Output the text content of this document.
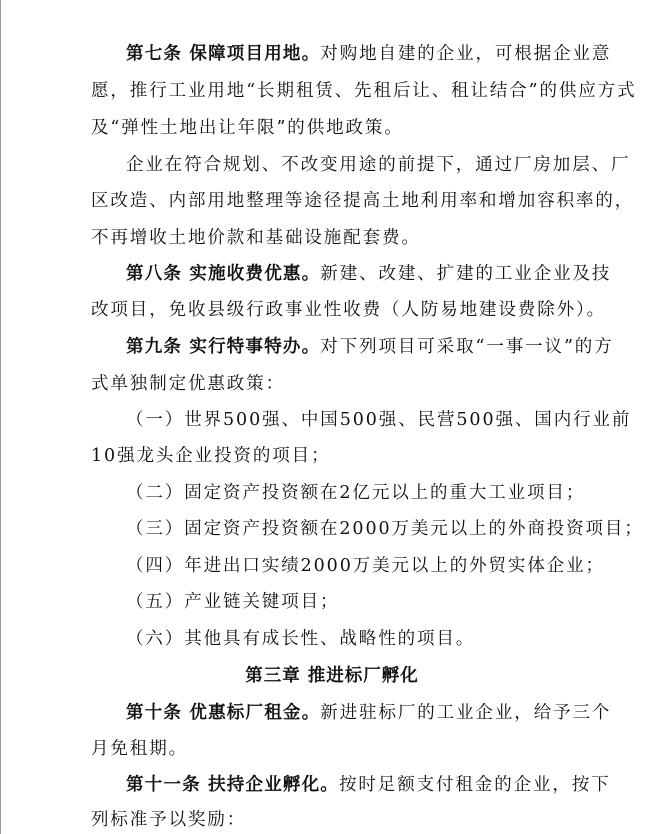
第七条 保障项目用地。对购地自建的企业，可根据企业意
愿，推行工业用地“长期租赁、先租后让、租让结合”的供应方式
及“弹性土地出让年限”的供地政策。
企业在符合规划、不改变用途的前提下，通过厂房加层、厂
区改造、内部用地整理等途径提高土地利用率和增加容积率的，
不再增收土地价款和基础设施配套费。
第八条 实施收费优惠。新建、改建、扩建的工业企业及技
改项目，免收县级行政事业性收费（人防易地建设费除外）。
第九条 实行特事特办。对下列项目可采取“一事一议”的方
式单独制定优惠政策：
（一）世界500强、中国500强、民营500强、国内行业前
10强龙头企业投资的项目；
（二）固定资产投资额在2亿元以上的重大工业项目；
（三）固定资产投资额在2000万美元以上的外商投资项目；
（四）年进出口实绩2000万美元以上的外贸实体企业；
（五）产业链关键项目；
（六）其他具有成长性、战略性的项目。
第三章 推进标厂孵化
第十条 优惠标厂租金。新进驻标厂的工业企业，给予三个
月免租期。
第十一条 扶持企业孵化。按时足额支付租金的企业，按下
列标准予以奖励：
